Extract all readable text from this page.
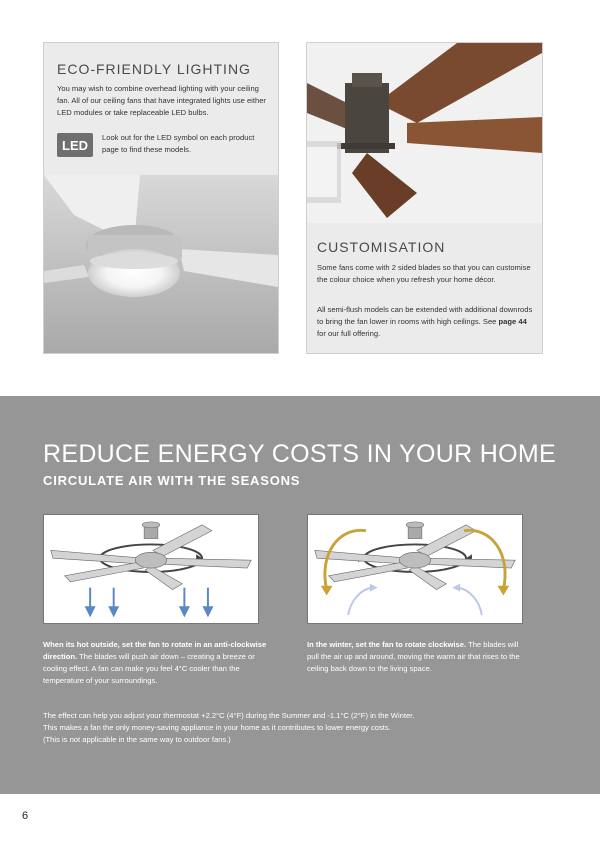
ECO-FRIENDLY LIGHTING

You may wish to combine overhead lighting with your ceiling fan. All of our ceiling fans that have integrated lights use either LED modules or take replaceable LED bulbs.

LED	Look out for the LED symbol on each product page to find these models.

CUSTOMISATION

Some fans come with 2 sided blades so that you can customise the colour choice when you refresh your home décor.

All semi-flush models can be extended with additional downrods to bring the fan lower in rooms with high ceilings. See page 44 for our full offering.

REDUCE ENERGY COSTS IN YOUR HOME
CIRCULATE AIR WITH THE SEASONS

When its hot outside, set the fan to rotate in an anti-clockwise direction. The blades will push air down – creating a breeze or cooling effect. A fan can make you feel 4°C cooler than the temperature of your surroundings.

In the winter, set the fan to rotate clockwise. The blades will pull the air up and around, moving the warm air that rises to the ceiling back down to the living space.

The effect can help you adjust your thermostat +2.2°C (4°F) during the Summer and -1.1°C (2°F) in the Winter.
This makes a fan the only money-saving appliance in your home as it contributes to lower energy costs.
(This is not applicable in the same way to outdoor fans.)
6
